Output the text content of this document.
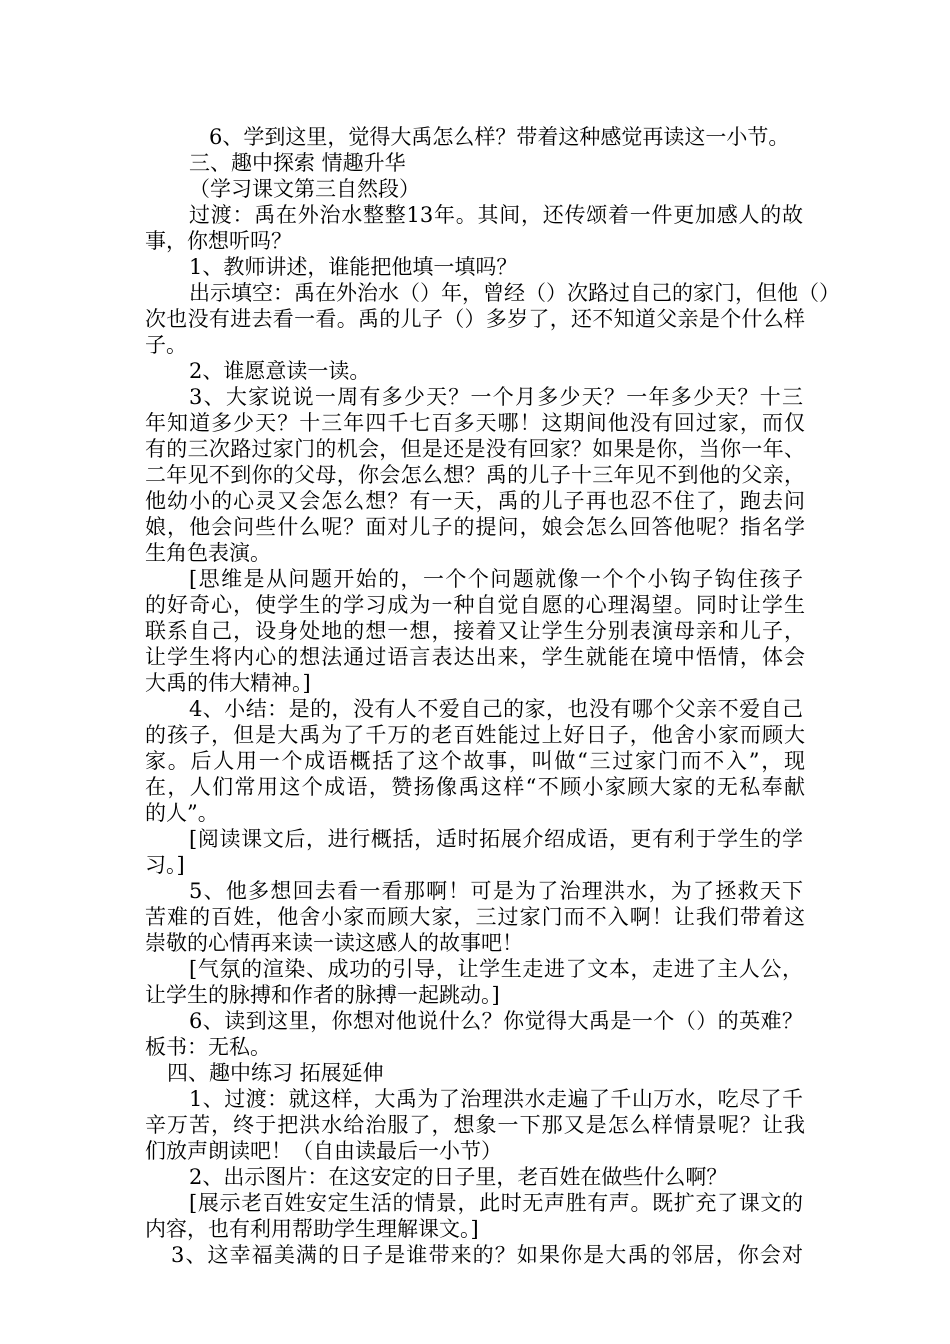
6、学到这里，觉得大禹怎么样？带着这种感觉再读这一小节。
三、趣中探索 情趣升华
（学习课文第三自然段）
过渡：禹在外治水整整13年。其间，还传颂着一件更加感人的故
事，你想听吗？
1、教师讲述，谁能把他填一填吗？
出示填空：禹在外治水（）年，曾经（）次路过自己的家门，但他（）
次也没有进去看一看。禹的儿子（）多岁了，还不知道父亲是个什么样
子。
2、谁愿意读一读。
3、大家说说一周有多少天？一个月多少天？一年多少天？十三
年知道多少天？十三年四千七百多天哪！这期间他没有回过家，而仅
有的三次路过家门的机会，但是还是没有回家？如果是你，当你一年、
二年见不到你的父母，你会怎么想？禹的儿子十三年见不到他的父亲，
他幼小的心灵又会怎么想？有一天，禹的儿子再也忍不住了，跑去问
娘，他会问些什么呢？面对儿子的提问，娘会怎么回答他呢？指名学
生角色表演。
[思维是从问题开始的，一个个问题就像一个个小钩子钩住孩子
的好奇心，使学生的学习成为一种自觉自愿的心理渴望。同时让学生
联系自己，设身处地的想一想，接着又让学生分别表演母亲和儿子，
让学生将内心的想法通过语言表达出来，学生就能在境中悟情，体会
大禹的伟大精神。]
4、小结：是的，没有人不爱自己的家，也没有哪个父亲不爱自己
的孩子，但是大禹为了千万的老百姓能过上好日子，他舍小家而顾大
家。后人用一个成语概括了这个故事，叫做“三过家门而不入”，现
在，人们常用这个成语，赞扬像禹这样“不顾小家顾大家的无私奉献
的人”。
[阅读课文后，进行概括，适时拓展介绍成语，更有利于学生的学
习。]
5、他多想回去看一看那啊！可是为了治理洪水，为了拯救天下
苦难的百姓，他舍小家而顾大家，三过家门而不入啊！让我们带着这
崇敬的心情再来读一读这感人的故事吧！
[气氛的渲染、成功的引导，让学生走进了文本，走进了主人公，
让学生的脉搏和作者的脉搏一起跳动。]
6、读到这里，你想对他说什么？你觉得大禹是一个（）的英难？
板书：无私。
四、趣中练习 拓展延伸
1、过渡：就这样，大禹为了治理洪水走遍了千山万水，吃尽了千
辛万苦，终于把洪水给治服了，想象一下那又是怎么样情景呢？让我
们放声朗读吧！（自由读最后一小节）
2、出示图片：在这安定的日子里，老百姓在做些什么啊？
[展示老百姓安定生活的情景，此时无声胜有声。既扩充了课文的
内容，也有利用帮助学生理解课文。]
3、这幸福美满的日子是谁带来的？如果你是大禹的邻居，你会对
